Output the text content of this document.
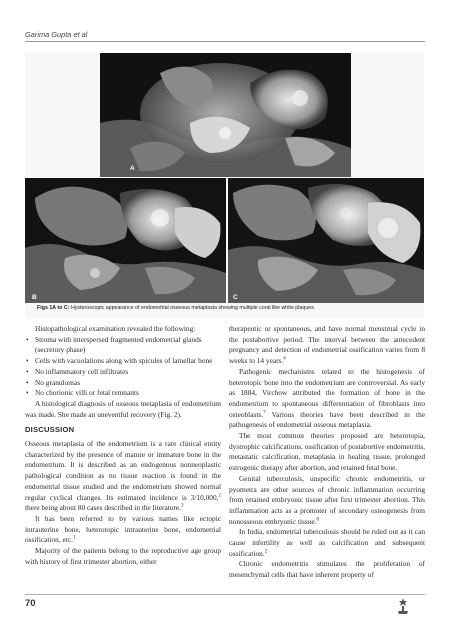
Garima Gupta et al
A
B	C
Figs 1A to C: Hysteroscopic appearance of endometrial osseous metaplasia showing multiple coral like white plaques

Histopathological examination revealed the following:

• Stroma with interspersed fragmented endometrial glands (secretory phase)
• Cells with vacuolations along with spicules of lamellar bone
• No inflammatory cell infiltrates
• No granulomas
• No chorionic villi or fetal remnants

A histological diagnosis of osseous metaplasia of endometrium was made. She made an uneventful recovery (Fig. 2).

DISCUSSION

Osseous metaplasia of the endometrium is a rare clinical entity characterized by the presence of mature or immature bone in the endometrium. It is described as an endogenous nonneoplastic pathological condition as no tissue reaction is found in the endometrial tissue studied and the endometrium showed normal regular cyclical changes. Its estimated incidence is 3/10,000,$^2$ there being about 80 cases described in the literature.$^3$

It has been referred to by various names like ectopic intrauterine bone, heterotopic intrauterine bone, endometrial ossification, etc.$^1$

Majority of the patients belong to the reproductive age group with history of first trimester abortion, either

therapeutic or spontaneous, and have normal menstrual cycle in the postabortive period. The interval between the antecedent pregnancy and detection of endometrial ossification varies from 8 weeks to 14 years.$^4$

Pathogenic mechanisms related to the histogenesis of heterotopic bone into the endometrium are controversial. As early as 1884, Virchow attributed the formation of bone in the endometrium to spontaneous differentiation of fibroblasts into osteoblasts.$^7$ Various theories have been described in the pathogenesis of endometrial osseous metaplasia.

The most common theories proposed are heterotopia, dystrophic calcifications, ossification of postabortive endometritis, metastatic calcification, metaplasia in healing tissue, prolonged estrogenic therapy after abortion, and retained fetal bone.

Genital tuberculosis, unspecific chronic endometritis, or pyometra are other sources of chronic inflammation occurring from retained embryonic tissue after first trimester abortion. This inflammation acts as a promoter of secondary osteogenesis from nonosseous embryonic tissue.$^8$

In India, endometrial tuberculosis should be ruled out as it can cause infertility as well as calcification and subsequent ossification.$^2$

Chronic endometritis stimulates the proliferation of mesenchymal cells that have inherent property of

70
